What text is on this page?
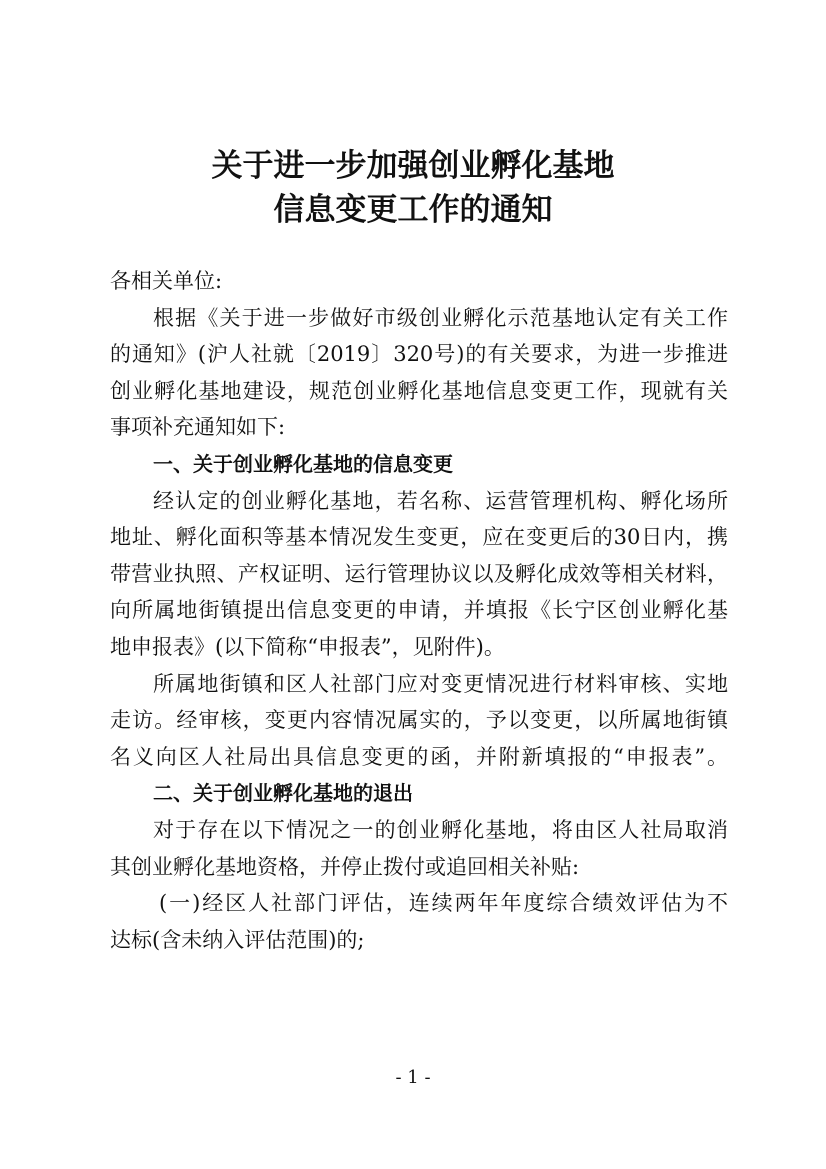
关于进一步加强创业孵化基地
信息变更工作的通知
各相关单位:
根据《关于进一步做好市级创业孵化示范基地认定有关工作
的通知》(沪人社就〔2019〕320号)的有关要求，为进一步推进
创业孵化基地建设，规范创业孵化基地信息变更工作，现就有关
事项补充通知如下:
一、关于创业孵化基地的信息变更
经认定的创业孵化基地，若名称、运营管理机构、孵化场所
地址、孵化面积等基本情况发生变更，应在变更后的30日内，携
带营业执照、产权证明、运行管理协议以及孵化成效等相关材料，
向所属地街镇提出信息变更的申请，并填报《长宁区创业孵化基
地申报表》(以下简称“申报表”，见附件)。
所属地街镇和区人社部门应对变更情况进行材料审核、实地
走访。经审核，变更内容情况属实的，予以变更，以所属地街镇
名义向区人社局出具信息变更的函，并附新填报的“申报表”。
二、关于创业孵化基地的退出
对于存在以下情况之一的创业孵化基地，将由区人社局取消
其创业孵化基地资格，并停止拨付或追回相关补贴:
(一)经区人社部门评估，连续两年年度综合绩效评估为不
达标(含未纳入评估范围)的;
- 1 -
